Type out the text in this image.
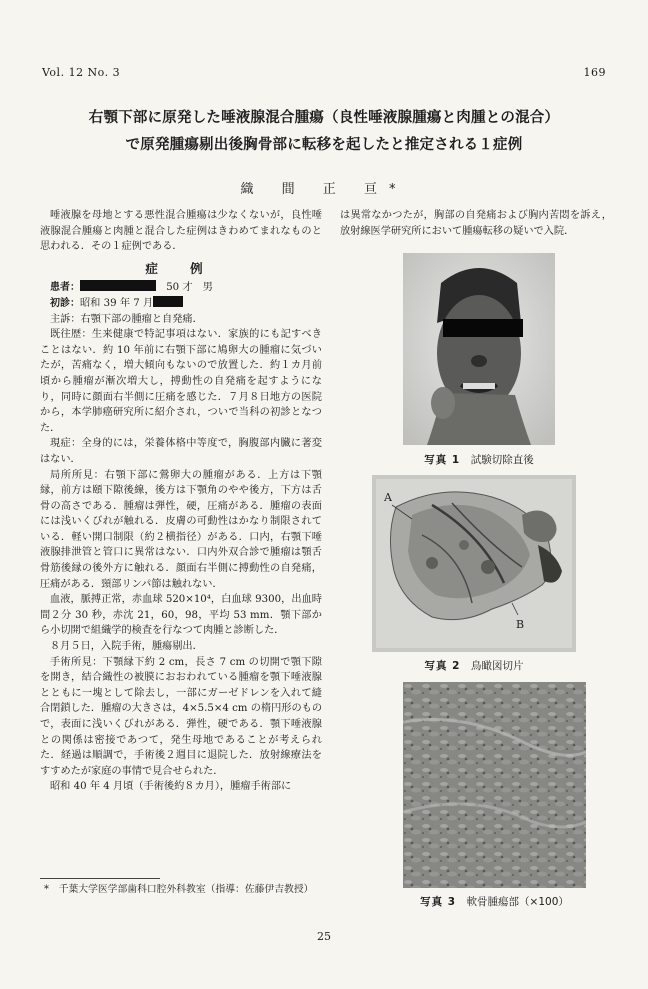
Vol. 12 No. 3	169
右顎下部に原発した唾液腺混合腫瘍（良性唾液腺腫瘍と肉腫との混合）
で原発腫瘍剔出後胸骨部に転移を起したと推定される１症例
織 間 正 亘*

唾液腺を母地とする悪性混合腫瘍は少なくないが，良性唾液腺混合腫瘍と肉腫と混合した症例はきわめてまれなものと思われる．その１症例である．

症 例

患者：　	50 才　男

初診：昭和 39 年 7 月

主訴：右顎下部の腫瘤と自発痛．

既往歴：生来健康で特記事項はない．家族的にも記すべきことはない．約 10 年前に右顎下部に鳩卵大の腫瘤に気づいたが，苦痛なく，増大傾向もないので放置した．約１カ月前頃から腫瘤が漸次増大し，搏動性の自発痛を起すようになり，同時に顔面右半側に圧痛を感じた．７月８日地方の医院から，本学肺癌研究所に紹介され，ついで当科の初診となつた．

現症：全身的には，栄養体格中等度で，胸腹部内臓に著変はない．

局所所見：右顎下部に鶯卵大の腫瘤がある．上方は下顎縁，前方は頤下隙後線，後方は下顎角のやや後方，下方は舌骨の高さである．腫瘤は弾性，硬，圧痛がある．腫瘤の表面には浅いくびれが触れる．皮膚の可動性はかなり制限されている．軽い開口制限（約２横指径）がある．口内，右顎下唾液腺排泄管と管口に異常はない．口内外双合診で腫瘤は顎舌骨筋後縁の後外方に触れる．顔面右半側に搏動性の自発痛，圧痛がある．頸部リンパ節は触れない．

血液，脈搏正常，赤血球 520×10⁴，白血球 9300，出血時間２分 30 秒，赤沈 21，60，98，平均 53 mm．顎下部から小切開で組織学的検査を行なつて肉腫と診断した．

８月５日，入院手術，腫瘍剔出．

手術所見：下顎縁下約 2 cm，長さ 7 cm の切開で顎下隙を開き，結合織性の被膜におおわれている腫瘤を顎下唾液腺とともに一塊として除去し，一部にガーゼドレンを入れて縫合閉鎖した．腫瘤の大きさは，4×5.5×4 cm の楕円形のもので，表面に浅いくびれがある．弾性，硬である．顎下唾液腺との関係は密接であつて，発生母地であることが考えられた．経過は順調で，手術後２週目に退院した．放射線療法をすすめたが家庭の事情で見合せられた．

昭和 40 年 4 月頃（手術後約８カ月），腫瘤手術部に

*　千葉大学医学部歯科口腔外科教室（指導：佐藤伊吉教授）

は異常なかつたが，胸部の自発痛および胸内苦悶を訴え，放射線医学研究所において腫瘍転移の疑いで入院．

写真 1　 試験切除直後
A
B
写真 2　 鳥瞰図切片
写真 3　 軟骨腫瘍部（×100）
25
